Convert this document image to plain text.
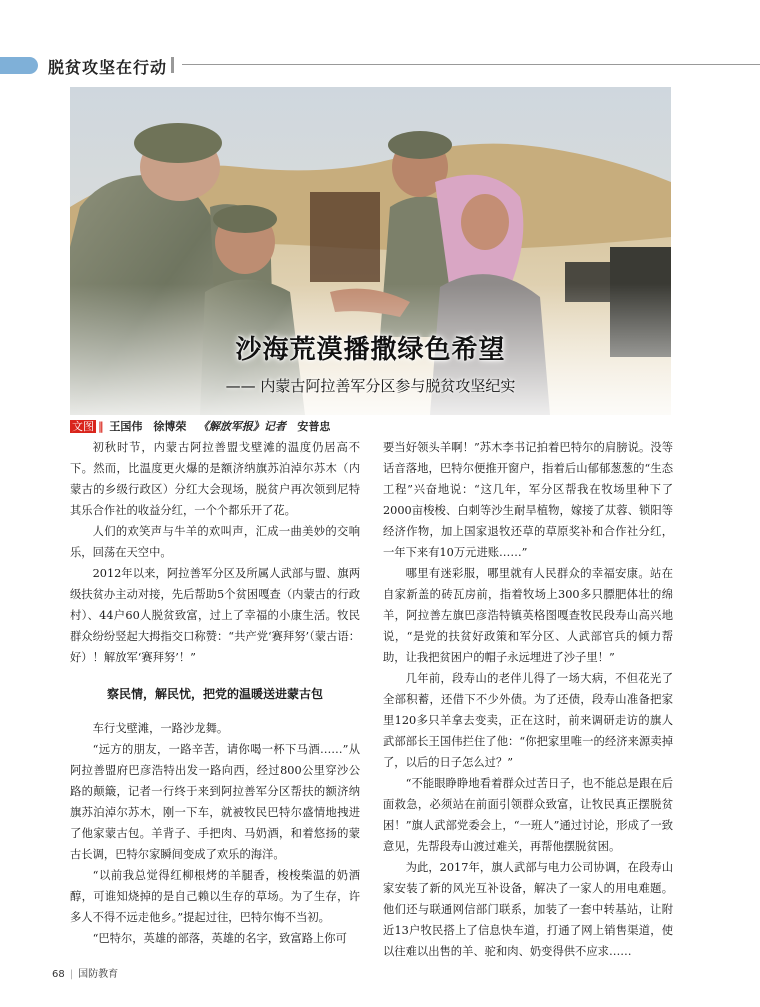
脱贫攻坚在行动
沙海荒漠播撒绿色希望
—— 内蒙古阿拉善军分区参与脱贫攻坚纪实
文图 ‖ 王国伟　徐博荣 《解放军报》记者 安普忠

初秋时节，内蒙古阿拉善盟戈壁滩的温度仍居高不下。然而，比温度更火爆的是额济纳旗苏泊淖尔苏木（内蒙古的乡级行政区）分红大会现场，脱贫户再次领到尼特其乐合作社的收益分红，一个个都乐开了花。

人们的欢笑声与牛羊的欢叫声，汇成一曲美妙的交响乐，回荡在天空中。

2012年以来，阿拉善军分区及所属人武部与盟、旗两级扶贫办主动对接，先后帮助5个贫困嘎查（内蒙古的行政村）、44户60人脱贫致富，过上了幸福的小康生活。牧民群众纷纷竖起大拇指交口称赞：“共产党‘赛拜努’（蒙古语：好）！解放军‘赛拜努’！”

察民情，解民忧，把党的温暖送进蒙古包

车行戈壁滩，一路沙龙舞。

“远方的朋友，一路辛苦，请你喝一杯下马酒……”从阿拉善盟府巴彦浩特出发一路向西，经过800公里穿沙公路的颠簸，记者一行终于来到阿拉善军分区帮扶的额济纳旗苏泊淖尔苏木，刚一下车，就被牧民巴特尔盛情地拽进了他家蒙古包。羊背子、手把肉、马奶酒，和着悠扬的蒙古长调，巴特尔家瞬间变成了欢乐的海洋。

“以前我总觉得红柳根烤的羊腿香，梭梭柴温的奶酒醇，可谁知烧掉的是自己赖以生存的草场。为了生存，许多人不得不远走他乡。”提起过往，巴特尔悔不当初。

“巴特尔，英雄的部落，英雄的名字，致富路上你可

要当好领头羊啊！”苏木李书记拍着巴特尔的肩膀说。没等话音落地，巴特尔便推开窗户，指着后山郁郁葱葱的“生态工程”兴奋地说：“这几年，军分区帮我在牧场里种下了2000亩梭梭、白刺等沙生耐旱植物，嫁接了苁蓉、锁阳等经济作物，加上国家退牧还草的草原奖补和合作社分红，一年下来有10万元进账……”

哪里有迷彩服，哪里就有人民群众的幸福安康。站在自家新盖的砖瓦房前，指着牧场上300多只膘肥体壮的绵羊，阿拉善左旗巴彦浩特镇英格图嘎查牧民段寿山高兴地说，“是党的扶贫好政策和军分区、人武部官兵的倾力帮助，让我把贫困户的帽子永远埋进了沙子里！”

几年前，段寿山的老伴儿得了一场大病，不但花光了全部积蓄，还借下不少外债。为了还债，段寿山准备把家里120多只羊拿去变卖，正在这时，前来调研走访的旗人武部部长王国伟拦住了他：“你把家里唯一的经济来源卖掉了，以后的日子怎么过？”

“不能眼睁睁地看着群众过苦日子，也不能总是跟在后面救急，必须站在前面引领群众致富，让牧民真正摆脱贫困！”旗人武部党委会上，“一班人”通过讨论，形成了一致意见，先帮段寿山渡过难关，再帮他摆脱贫困。

为此，2017年，旗人武部与电力公司协调，在段寿山家安装了新的风光互补设备，解决了一家人的用电难题。他们还与联通网信部门联系，加装了一套中转基站，让附近13户牧民搭上了信息快车道，打通了网上销售渠道，使以往难以出售的羊、驼和肉、奶变得供不应求……

68 | 国防教育
